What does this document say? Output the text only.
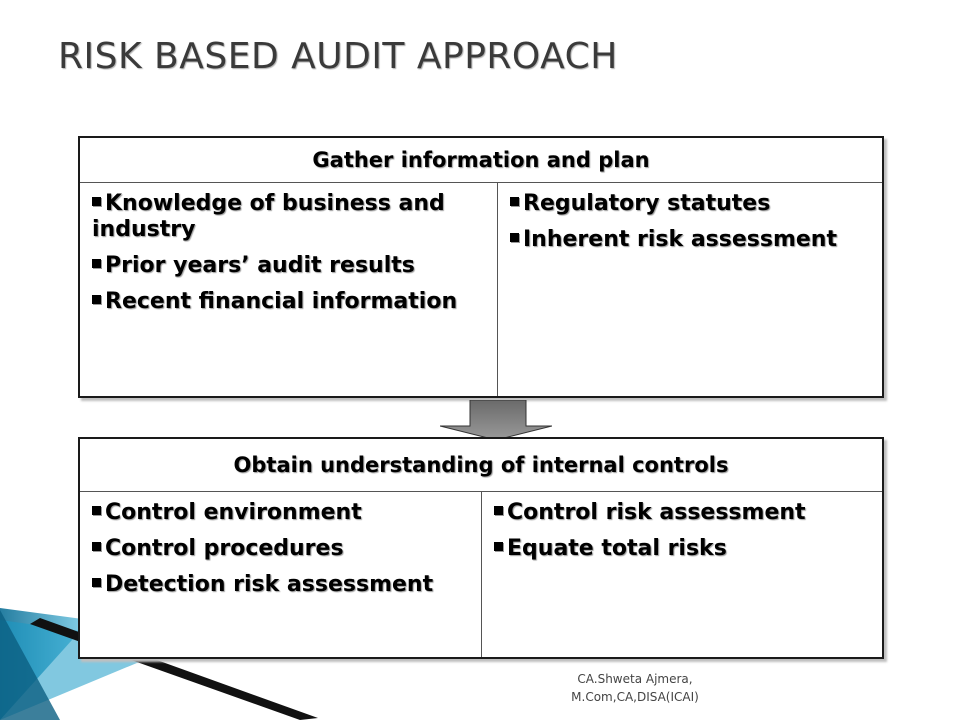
RISK BASED AUDIT APPROACH
Gather information and plan
Knowledge of business and industry
Prior years’ audit results
Recent financial information
Regulatory statutes
Inherent risk assessment
Obtain understanding of internal controls
Control environment
Control procedures
Detection risk assessment
Control risk assessment
Equate total risks
CA.Shweta Ajmera,
M.Com,CA,DISA(ICAI)
